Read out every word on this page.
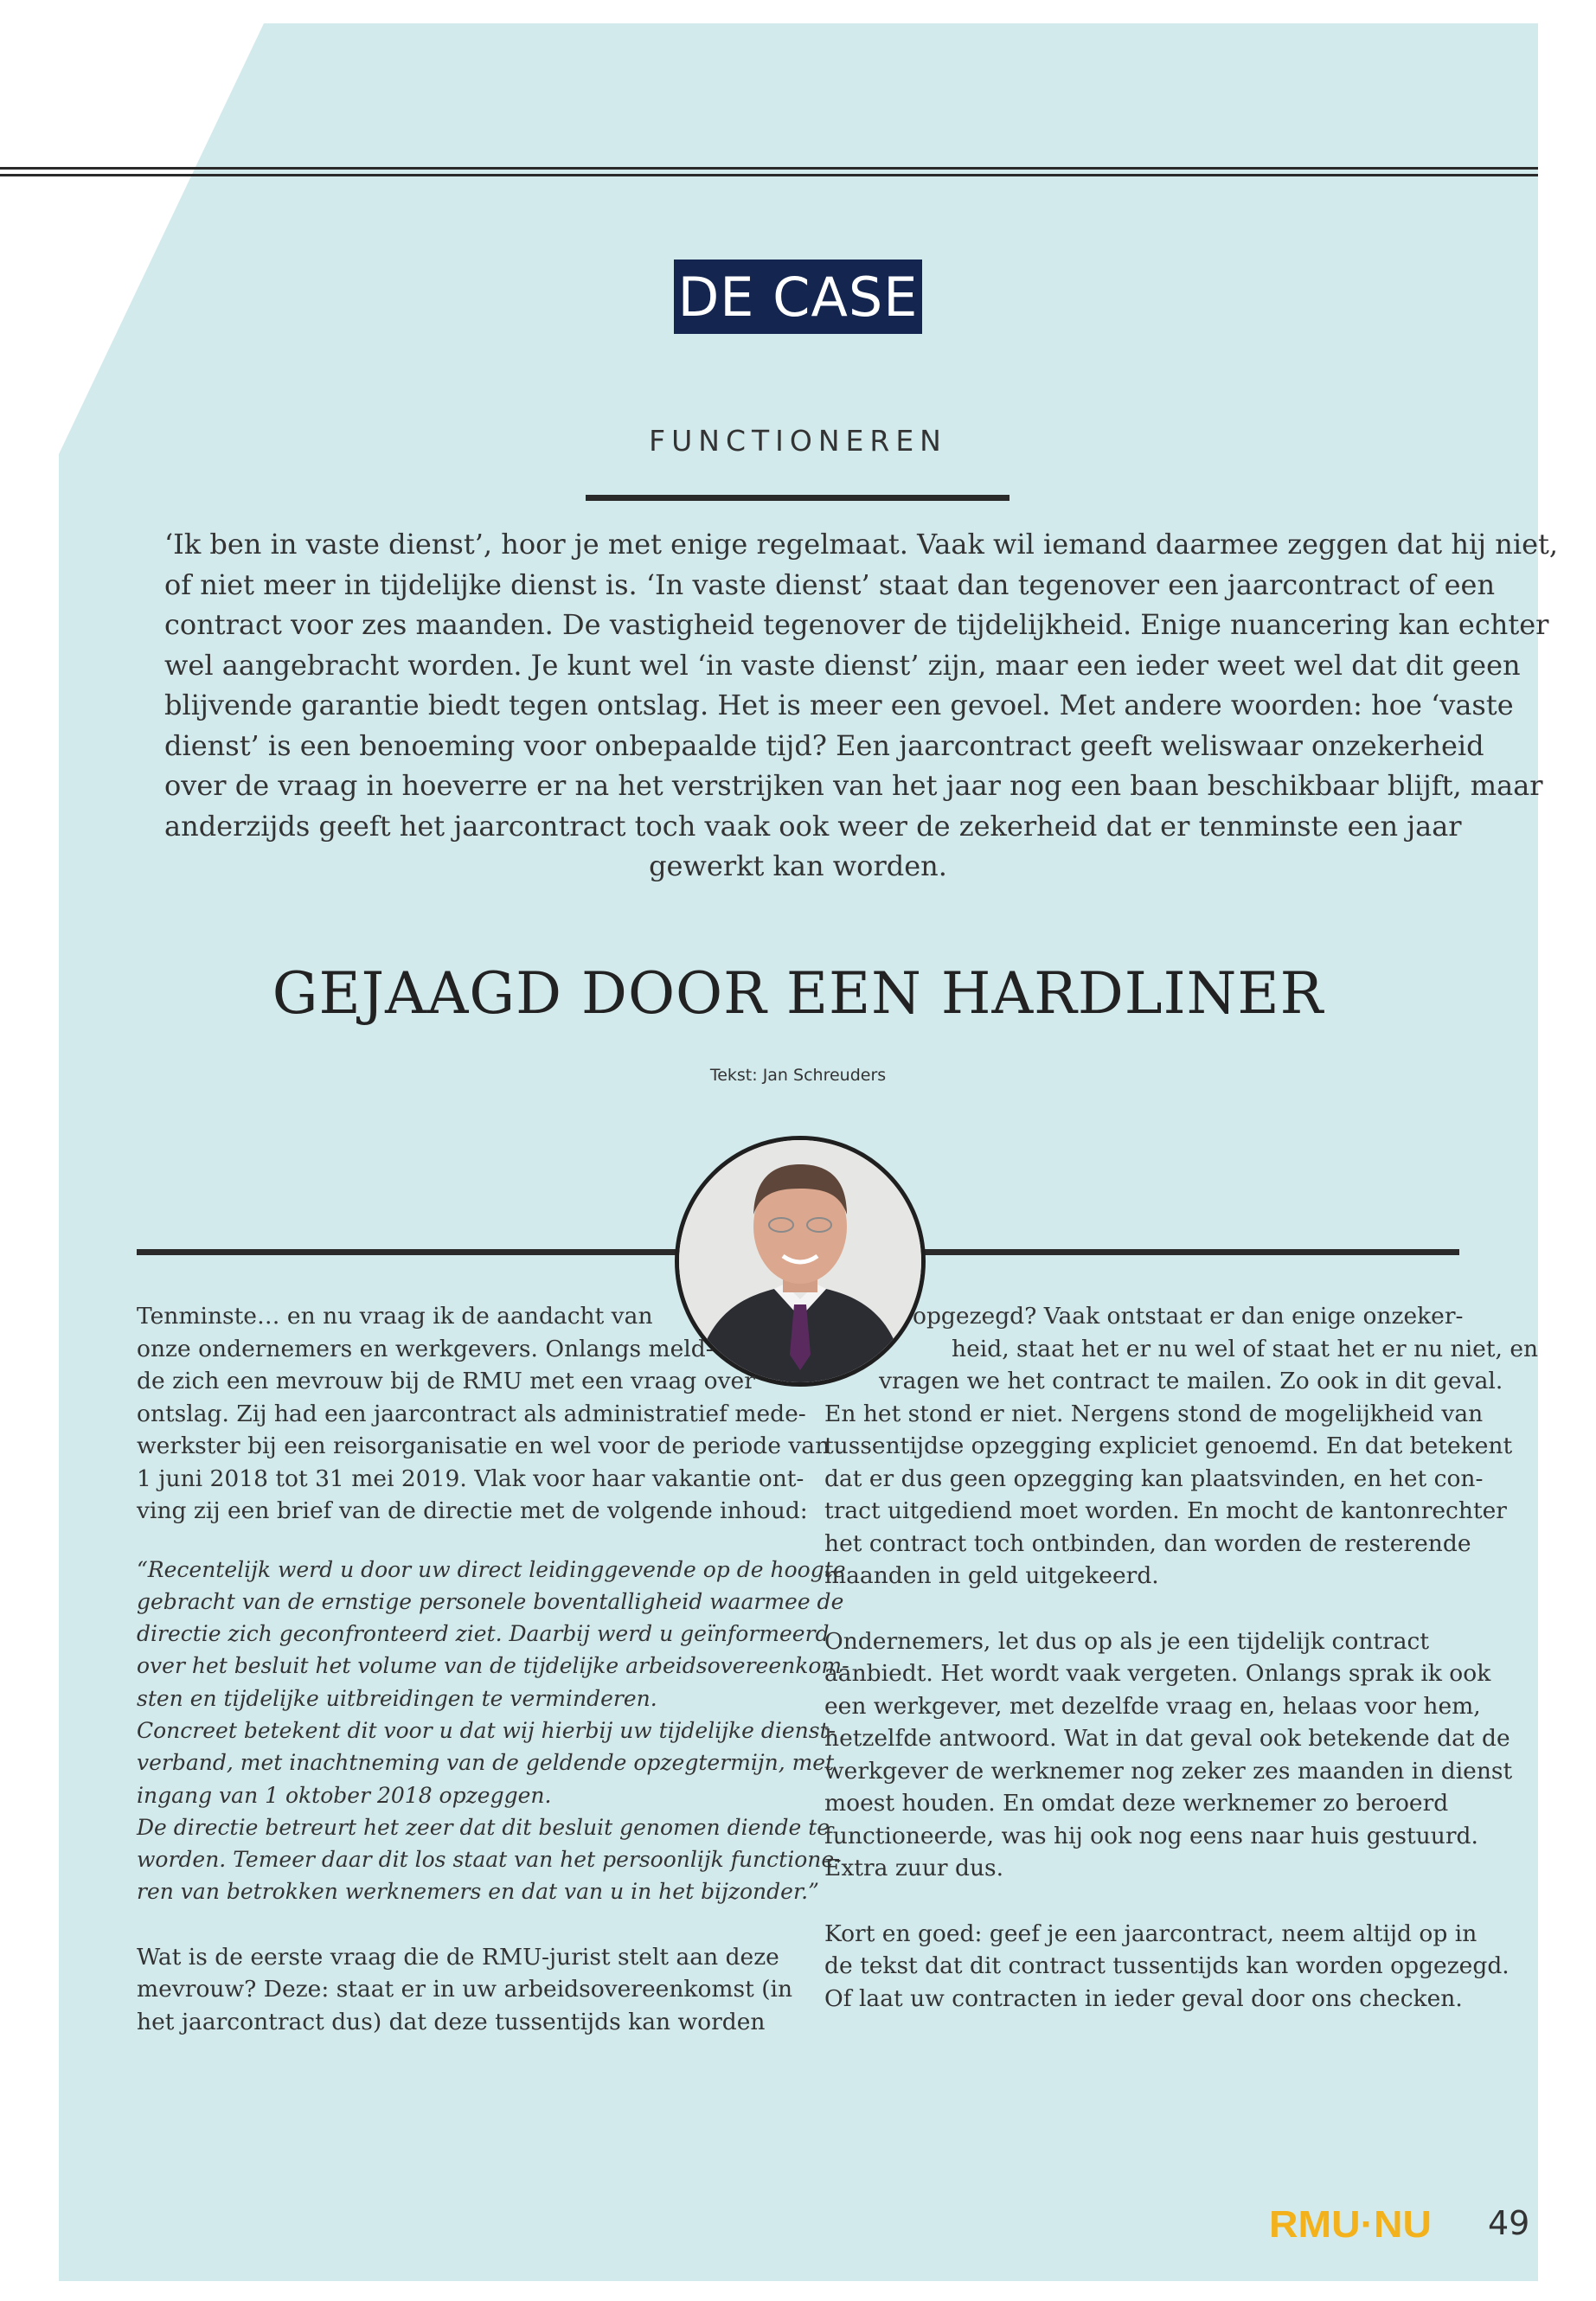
DE CASE
FUNCTIONEREN
‘Ik ben in vaste dienst’, hoor je met enige regelmaat. Vaak wil iemand daarmee zeggen dat hij niet,
of niet meer in tijdelijke dienst is. ‘In vaste dienst’ staat dan tegenover een jaarcontract of een
contract voor zes maanden. De vastigheid tegenover de tijdelijkheid. Enige nuancering kan echter
wel aangebracht worden. Je kunt wel ‘in vaste dienst’ zijn, maar een ieder weet wel dat dit geen
blijvende garantie biedt tegen ontslag. Het is meer een gevoel. Met andere woorden: hoe ‘vaste
dienst’ is een benoeming voor onbepaalde tijd? Een jaarcontract geeft weliswaar onzekerheid
over de vraag in hoeverre er na het verstrijken van het jaar nog een baan beschikbaar blijft, maar
anderzijds geeft het jaarcontract toch vaak ook weer de zekerheid dat er tenminste een jaar
gewerkt kan worden.
GEJAAGD DOOR EEN HARDLINER
Tekst: Jan Schreuders

Tenminste… en nu vraag ik de aandacht van
onze ondernemers en werkgevers. Onlangs meld-
de zich een mevrouw bij de RMU met een vraag over
ontslag. Zij had een jaarcontract als administratief mede-
werkster bij een reisorganisatie en wel voor de periode van
1 juni 2018 tot 31 mei 2019. Vlak voor haar vakantie ont-
ving zij een brief van de directie met de volgende inhoud:

“Recentelijk werd u door uw direct leidinggevende op de hoogte
gebracht van de ernstige personele boventalligheid waarmee de
directie zich geconfronteerd ziet. Daarbij werd u geïnformeerd
over het besluit het volume van de tijdelijke arbeidsovereenkom-
sten en tijdelijke uitbreidingen te verminderen.
Concreet betekent dit voor u dat wij hierbij uw tijdelijke dienst-
verband, met inachtneming van de geldende opzegtermijn, met
ingang van 1 oktober 2018 opzeggen.
De directie betreurt het zeer dat dit besluit genomen diende te
worden. Temeer daar dit los staat van het persoonlijk functione-
ren van betrokken werknemers en dat van u in het bijzonder.”

Wat is de eerste vraag die de RMU-jurist stelt aan deze
mevrouw? Deze: staat er in uw arbeidsovereenkomst (in
het jaarcontract dus) dat deze tussentijds kan worden

opgezegd? Vaak ontstaat er dan enige onzeker-
heid, staat het er nu wel of staat het er nu niet, en
vragen we het contract te mailen. Zo ook in dit geval.
En het stond er niet. Nergens stond de mogelijkheid van
tussentijdse opzegging expliciet genoemd. En dat betekent
dat er dus geen opzegging kan plaatsvinden, en het con-
tract uitgediend moet worden. En mocht de kantonrechter
het contract toch ontbinden, dan worden de resterende
maanden in geld uitgekeerd.

Ondernemers, let dus op als je een tijdelijk contract
aanbiedt. Het wordt vaak vergeten. Onlangs sprak ik ook
een werkgever, met dezelfde vraag en, helaas voor hem,
hetzelfde antwoord. Wat in dat geval ook betekende dat de
werkgever de werknemer nog zeker zes maanden in dienst
moest houden. En omdat deze werknemer zo beroerd
functioneerde, was hij ook nog eens naar huis gestuurd.
Extra zuur dus.

Kort en goed: geef je een jaarcontract, neem altijd op in
de tekst dat dit contract tussentijds kan worden opgezegd.
Of laat uw contracten in ieder geval door ons checken.

RMU·NU 49
